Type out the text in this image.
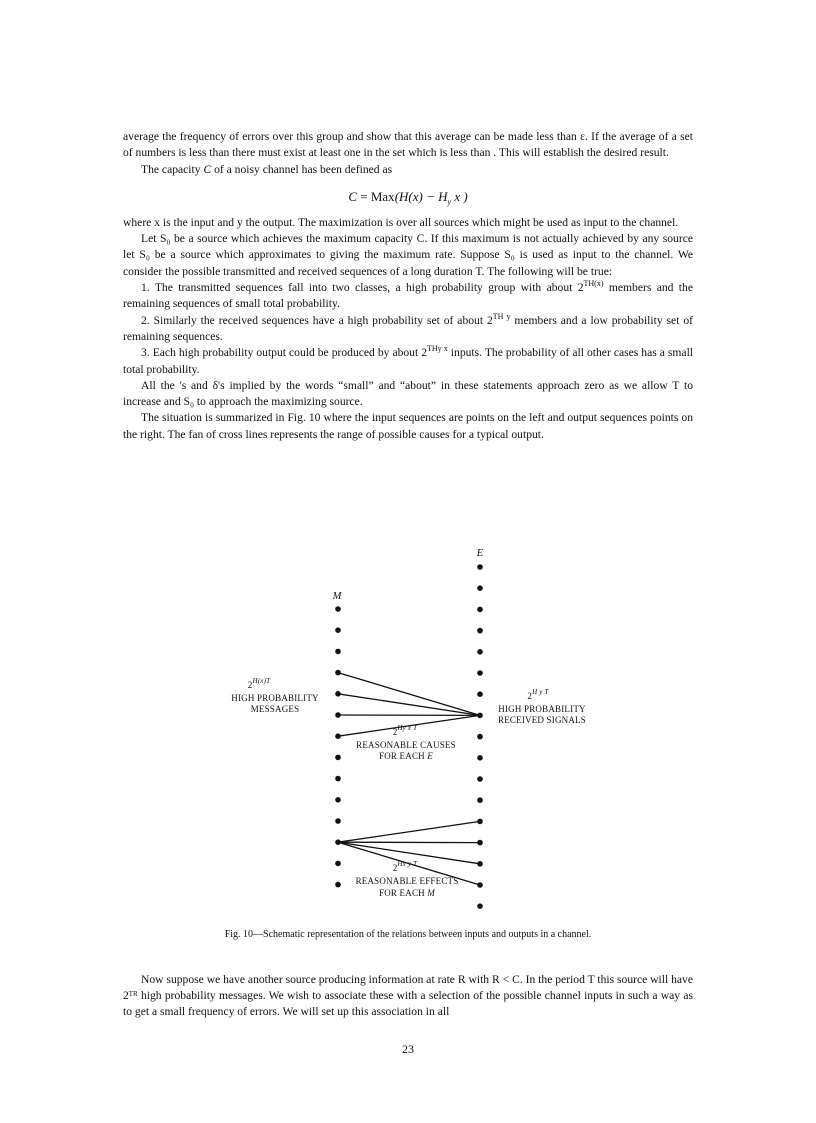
average the frequency of errors over this group and show that this average can be made less than ε. If the average of a set of numbers is less than there must exist at least one in the set which is less than . This will establish the desired result.

The capacity C of a noisy channel has been defined as

$C = Max(H(x) - H_y$ x )

where x is the input and y the output. The maximization is over all sources which might be used as input to the channel.

Let S₀ be a source which achieves the maximum capacity C. If this maximum is not actually achieved by any source let S₀ be a source which approximates to giving the maximum rate. Suppose S₀ is used as input to the channel. We consider the possible transmitted and received sequences of a long duration T. The following will be true:

1. The transmitted sequences fall into two classes, a high probability group with about $2^{TH(x)}$ members and the remaining sequences of small total probability.

2. Similarly the received sequences have a high probability set of about $2^{TH y}$ members and a low probability set of remaining sequences.

3. Each high probability output could be produced by about $2^{THy x}$ inputs. The probability of all other cases has a small total probability.

All the 's and δ's implied by the words “small” and “about” in these statements approach zero as we allow T to increase and S₀ to approach the maximizing source.

The situation is summarized in Fig. 10 where the input sequences are points on the left and output sequences points on the right. The fan of cross lines represents the range of possible causes for a typical output.

E
M
$2^{H(x)T}$
HIGH PROBABILITY
MESSAGES
$2^{H y T}$
HIGH PROBABILITY
RECEIVED SIGNALS
$2^{Hy x T}$
REASONABLE CAUSES
FOR EACH E
$2^{Hx y T}$
REASONABLE EFFECTS
FOR EACH M
Fig. 10—Schematic representation of the relations between inputs and outputs in a channel.

Now suppose we have another source producing information at rate R with R < C. In the period T this source will have 2ᵀᴿ high probability messages. We wish to associate these with a selection of the possible channel inputs in such a way as to get a small frequency of errors. We will set up this association in all

23
